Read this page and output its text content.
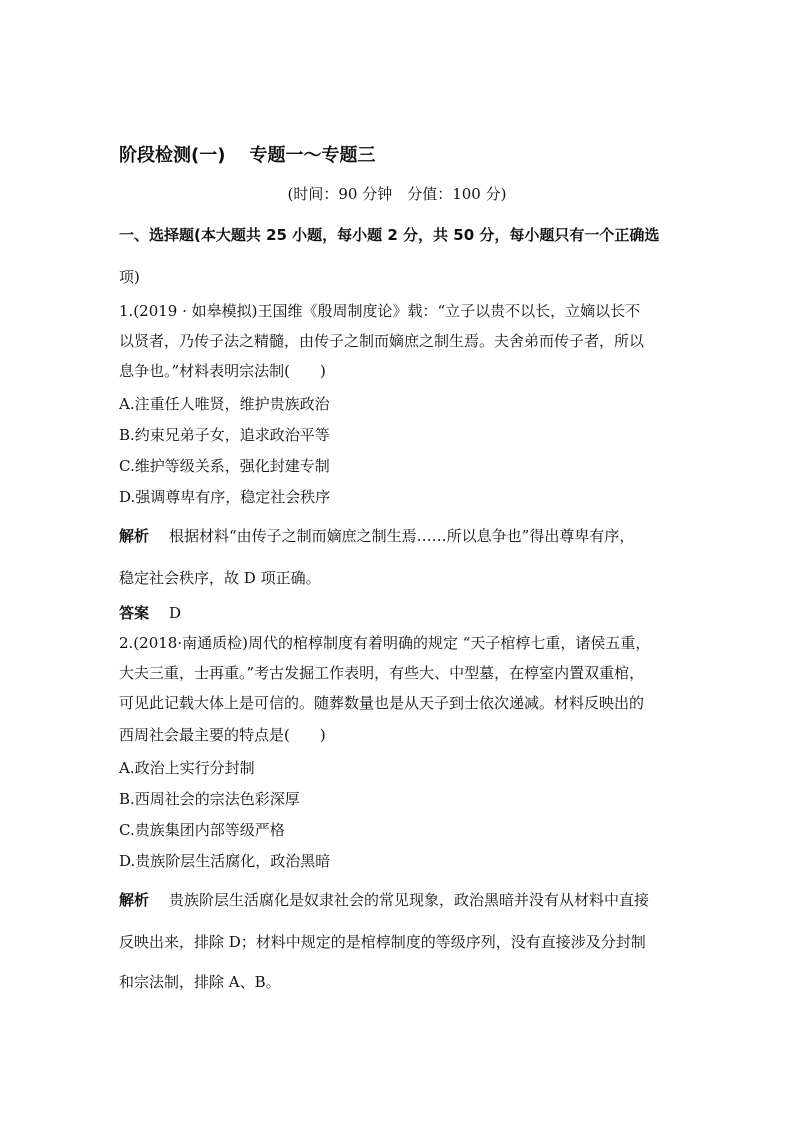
阶段检测(一) 专题一～专题三
(时间：90 分钟　分值：100 分)
一、选择题(本大题共 25 小题，每小题 2 分，共 50 分，每小题只有一个正确选
项)
1.(2019 · 如皋模拟)王国维《殷周制度论》载：“立子以贵不以长，立嫡以长不
以贤者，乃传子法之精髓，由传子之制而嫡庶之制生焉。夫舍弟而传子者，所以
息争也。”材料表明宗法制(　　)
A.注重任人唯贤，维护贵族政治
B.约束兄弟子女，追求政治平等
C.维护等级关系，强化封建专制
D.强调尊卑有序，稳定社会秩序
解析 根据材料“由传子之制而嫡庶之制生焉……所以息争也”得出尊卑有序，
稳定社会秩序，故 D 项正确。
答案 D
2.(2018·南通质检)周代的棺椁制度有着明确的规定 “天子棺椁七重，诸侯五重，
大夫三重，士再重。”考古发掘工作表明，有些大、中型墓，在椁室内置双重棺，
可见此记载大体上是可信的。随葬数量也是从天子到士依次递减。材料反映出的
西周社会最主要的特点是(　　)
A.政治上实行分封制
B.西周社会的宗法色彩深厚
C.贵族集团内部等级严格
D.贵族阶层生活腐化，政治黑暗
解析 贵族阶层生活腐化是奴隶社会的常见现象，政治黑暗并没有从材料中直接
反映出来，排除 D；材料中规定的是棺椁制度的等级序列，没有直接涉及分封制
和宗法制，排除 A、B。
